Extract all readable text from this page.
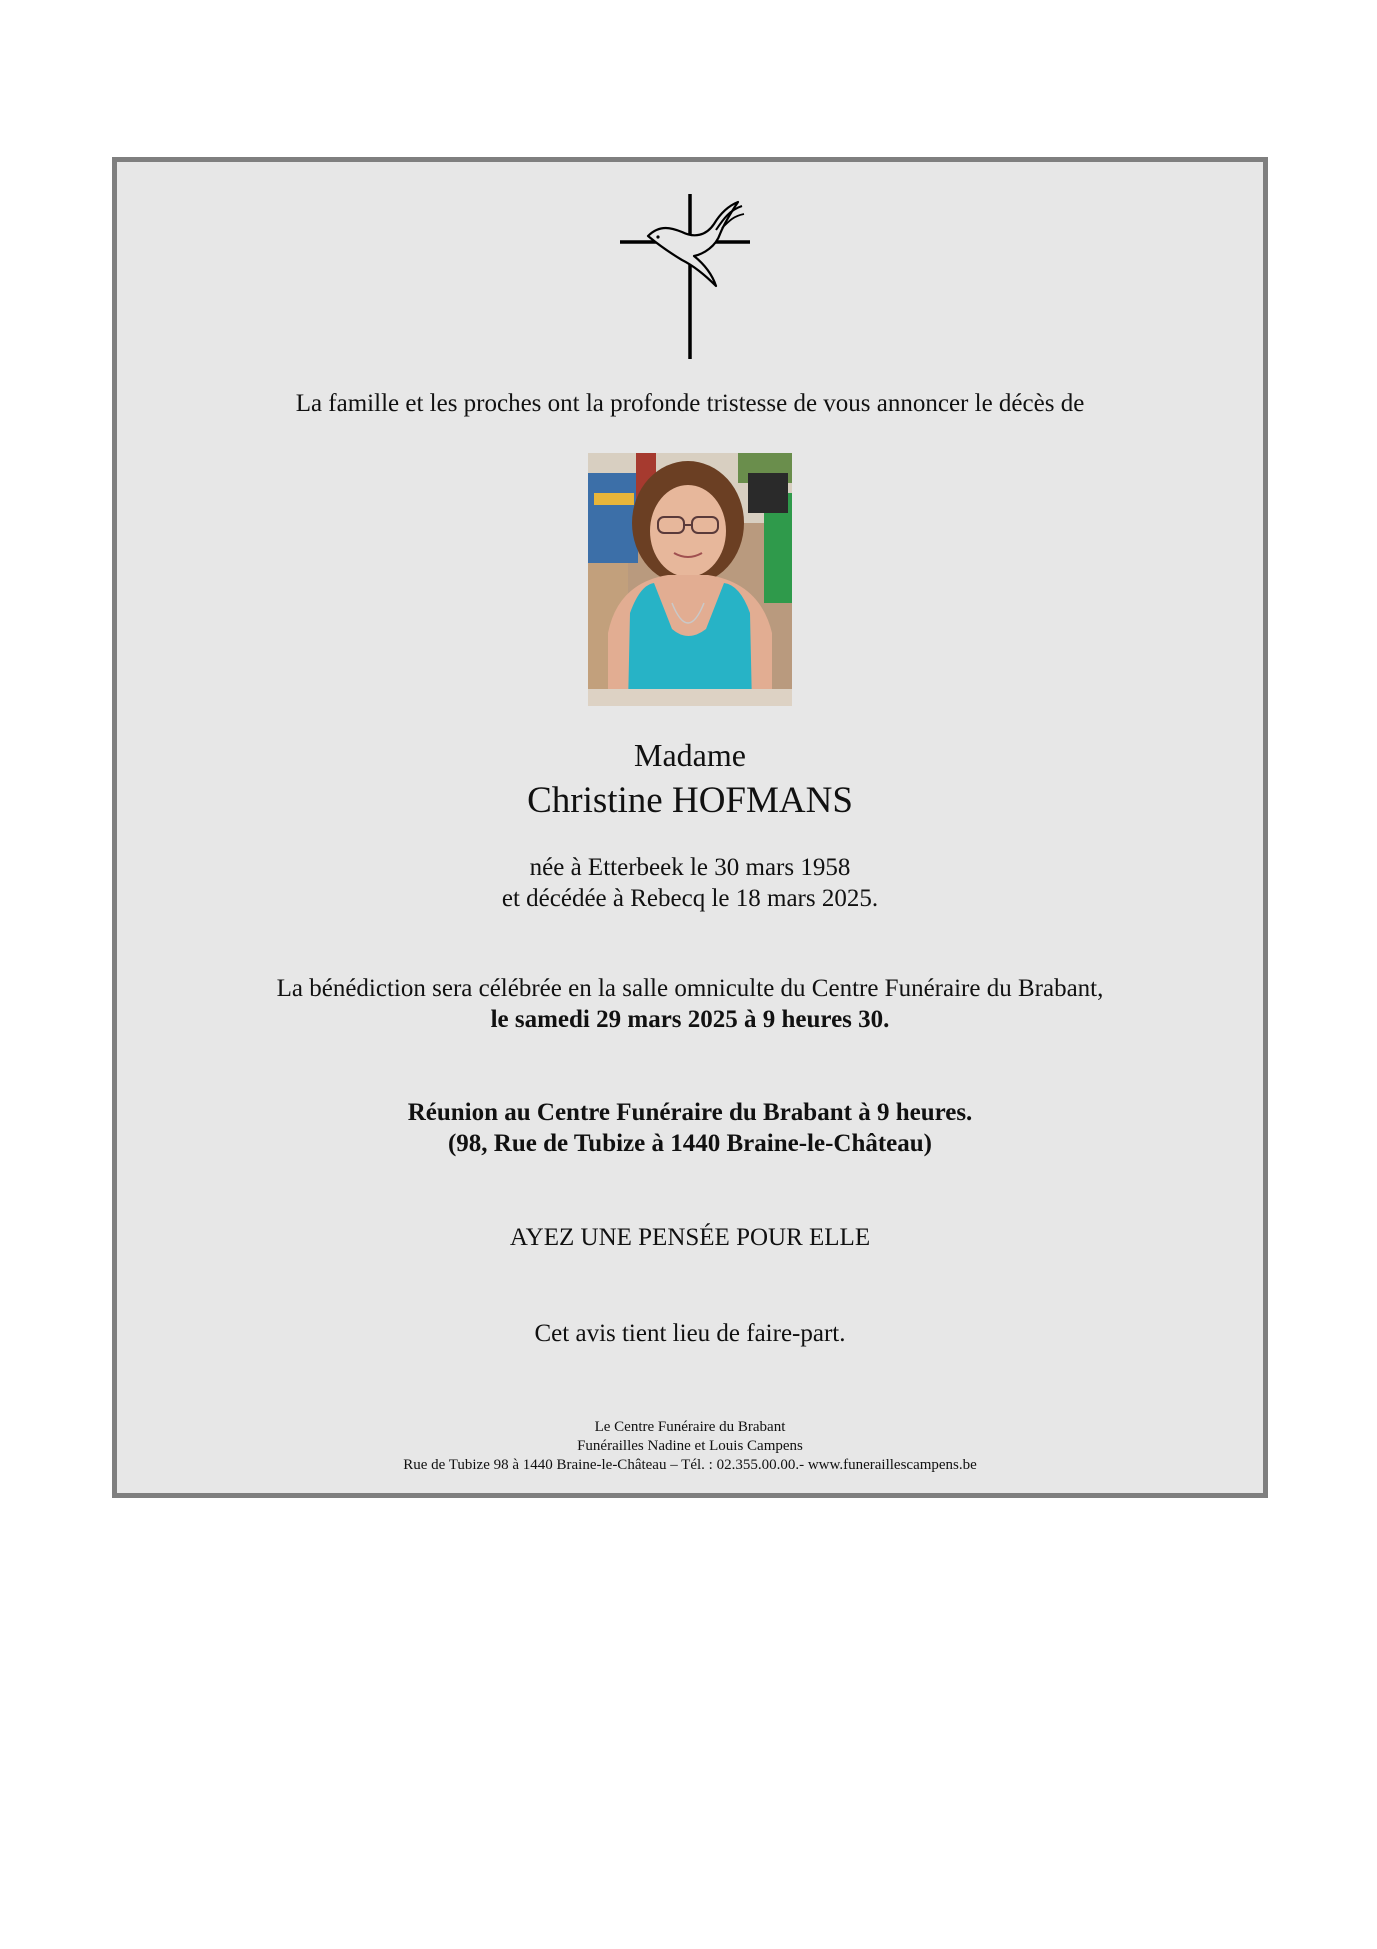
La famille et les proches ont la profonde tristesse de vous annoncer le décès de
Madame
Christine HOFMANS
née à Etterbeek le 30 mars 1958
et décédée à Rebecq le 18 mars 2025.
La bénédiction sera célébrée en la salle omniculte du Centre Funéraire du Brabant,
le samedi 29 mars 2025 à 9 heures 30.
Réunion au Centre Funéraire du Brabant à 9 heures.
(98, Rue de Tubize à 1440 Braine-le-Château)
AYEZ UNE PENSÉE POUR ELLE
Cet avis tient lieu de faire-part.
Le Centre Funéraire du Brabant
Funérailles Nadine et Louis Campens
Rue de Tubize 98 à 1440 Braine-le-Château – Tél. : 02.355.00.00.- www.funeraillescampens.be
